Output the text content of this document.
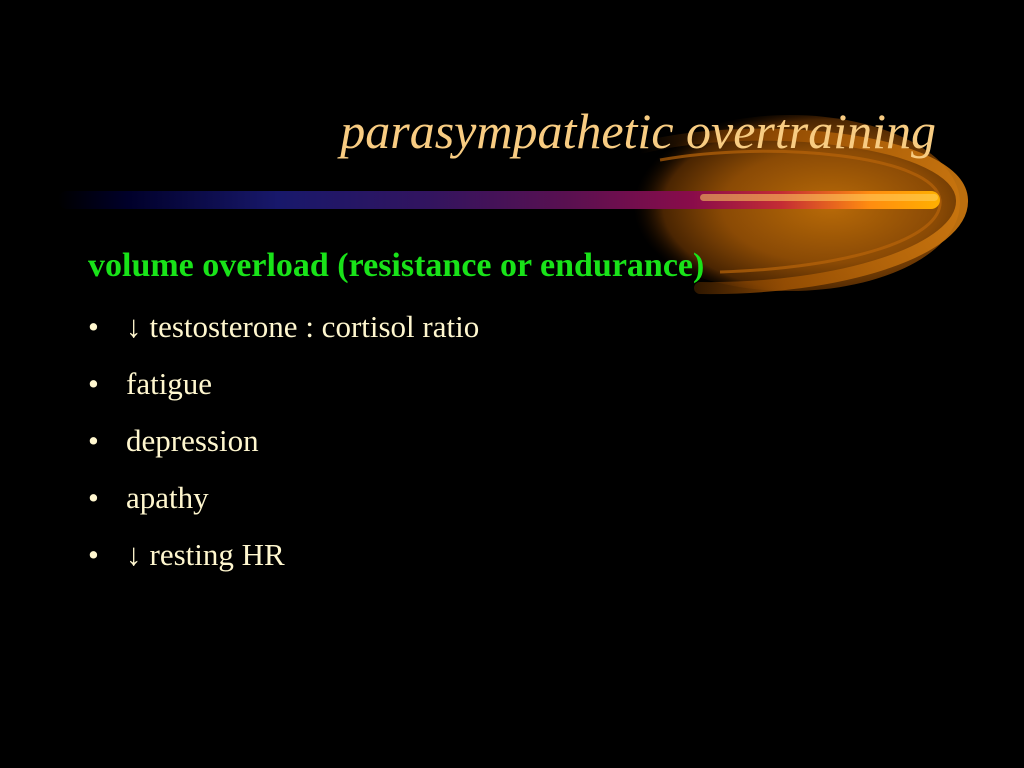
parasympathetic overtraining
volume overload (resistance or endurance)
• ↓ testosterone : cortisol ratio
• fatigue
• depression
• apathy
• ↓ resting HR
